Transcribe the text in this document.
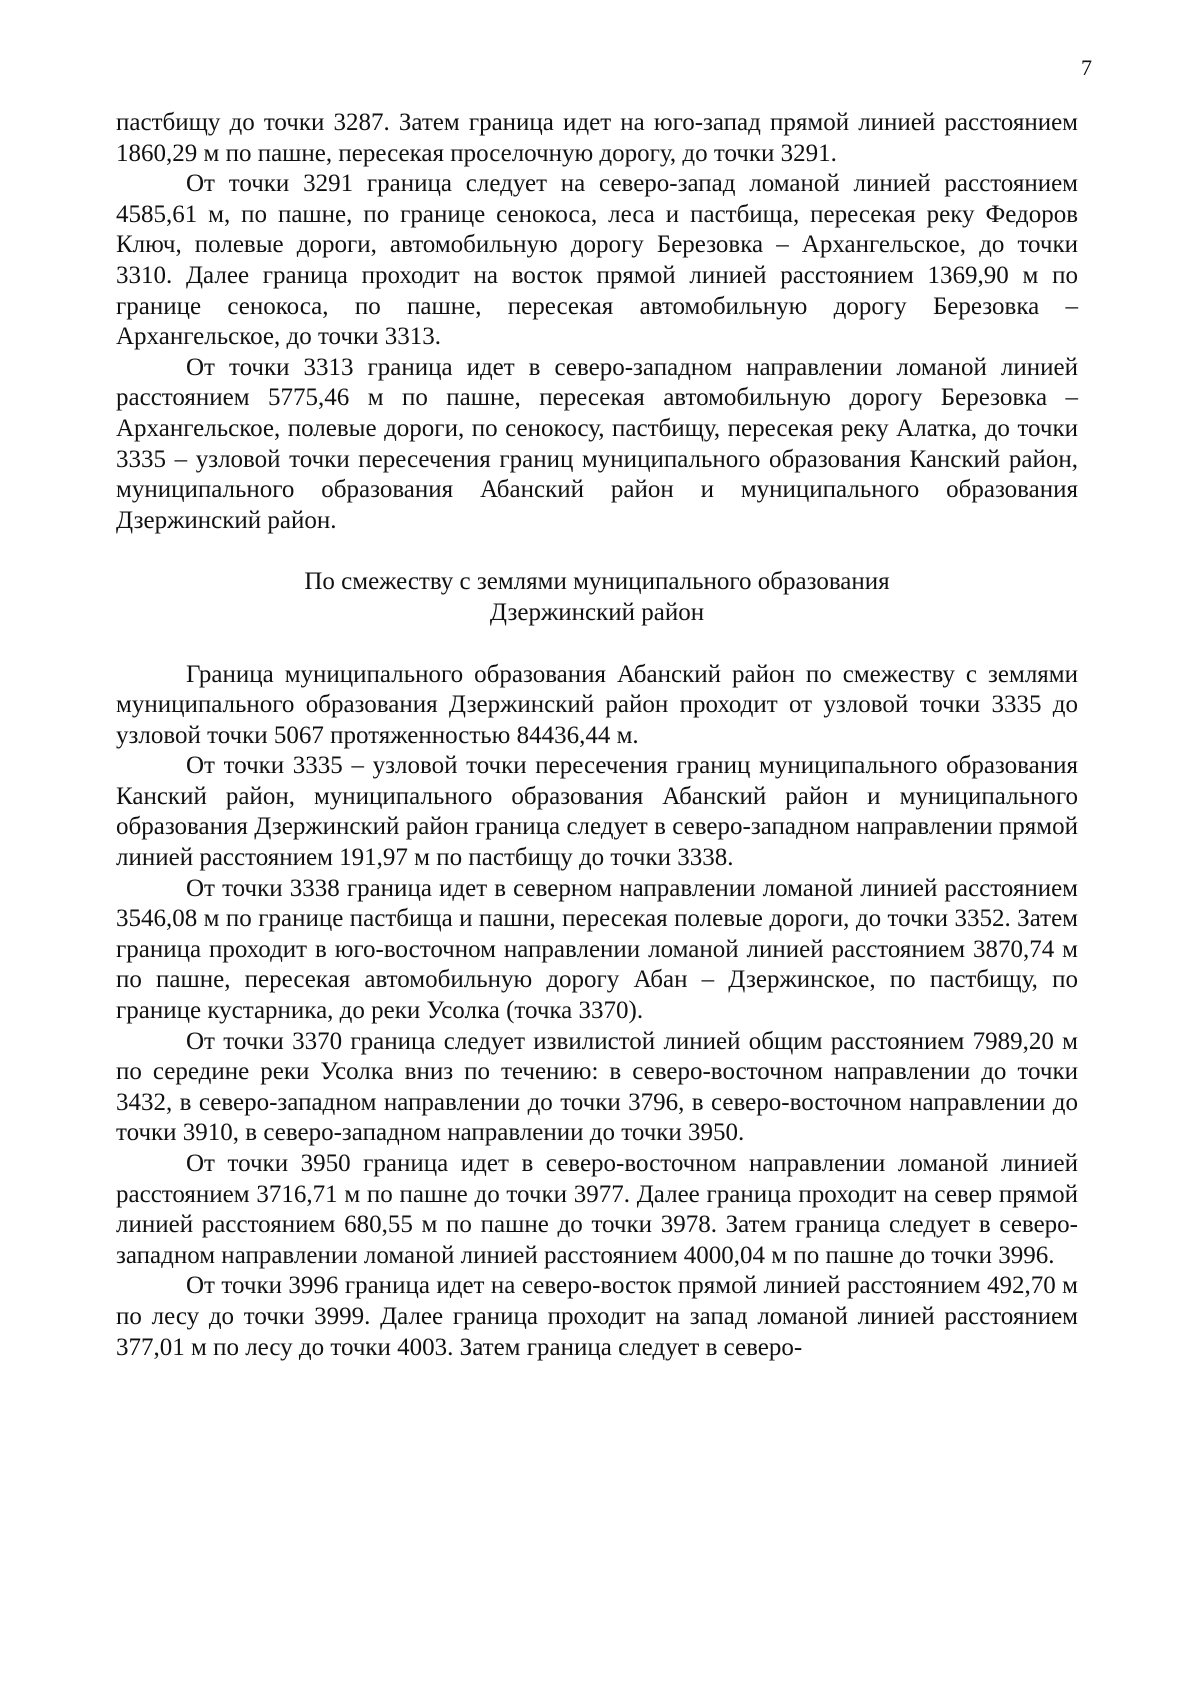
7

пастбищу до точки 3287. Затем граница идет на юго-запад прямой линией расстоянием 1860,29 м по пашне, пересекая проселочную дорогу, до точки 3291.

От точки 3291 граница следует на северо-запад ломаной линией расстоянием 4585,61 м, по пашне, по границе сенокоса, леса и пастбища, пересекая реку Федоров Ключ, полевые дороги, автомобильную дорогу Березовка – Архангельское, до точки 3310. Далее граница проходит на восток прямой линией расстоянием 1369,90 м по границе сенокоса, по пашне, пересекая автомобильную дорогу Березовка – Архангельское, до точки 3313.

От точки 3313 граница идет в северо-западном направлении ломаной линией расстоянием 5775,46 м по пашне, пересекая автомобильную дорогу Березовка – Архангельское, полевые дороги, по сенокосу, пастбищу, пересекая реку Алатка, до точки 3335 – узловой точки пересечения границ муниципального образования Канский район, муниципального образования Абанский район и муниципального образования Дзержинский район.

По смежеству с землями муниципального образования
Дзержинский район

Граница муниципального образования Абанский район по смежеству с землями муниципального образования Дзержинский район проходит от узловой точки 3335 до узловой точки 5067 протяженностью 84436,44 м.

От точки 3335 – узловой точки пересечения границ муниципального образования Канский район, муниципального образования Абанский район и муниципального образования Дзержинский район граница следует в северо-западном направлении прямой линией расстоянием 191,97 м по пастбищу до точки 3338.

От точки 3338 граница идет в северном направлении ломаной линией расстоянием 3546,08 м по границе пастбища и пашни, пересекая полевые дороги, до точки 3352. Затем граница проходит в юго-восточном направлении ломаной линией расстоянием 3870,74 м по пашне, пересекая автомобильную дорогу Абан – Дзержинское, по пастбищу, по границе кустарника, до реки Усолка (точка 3370).

От точки 3370 граница следует извилистой линией общим расстоянием 7989,20 м по середине реки Усолка вниз по течению: в северо-восточном направлении до точки 3432, в северо-западном направлении до точки 3796, в северо-восточном направлении до точки 3910, в северо-западном направлении до точки 3950.

От точки 3950 граница идет в северо-восточном направлении ломаной линией расстоянием 3716,71 м по пашне до точки 3977. Далее граница проходит на север прямой линией расстоянием 680,55 м по пашне до точки 3978. Затем граница следует в северо-западном направлении ломаной линией расстоянием 4000,04 м по пашне до точки 3996.

От точки 3996 граница идет на северо-восток прямой линией расстоянием 492,70 м по лесу до точки 3999. Далее граница проходит на запад ломаной линией расстоянием 377,01 м по лесу до точки 4003. Затем граница следует в северо-
